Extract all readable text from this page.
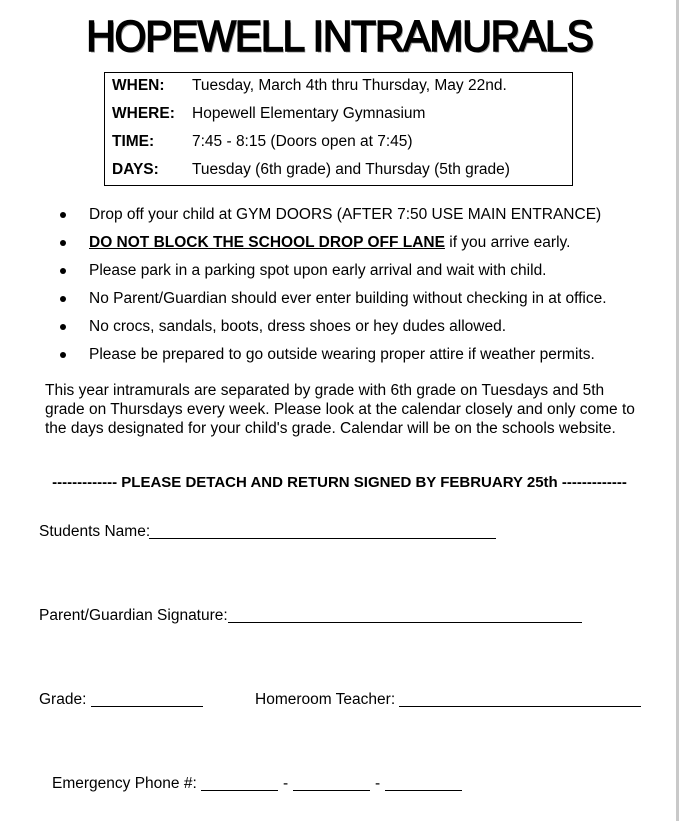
HOPEWELL INTRAMURALS
WHEN: Tuesday, March 4th thru Thursday, May 22nd.
WHERE: Hopewell Elementary Gymnasium
TIME: 7:45 - 8:15 (Doors open at 7:45)
DAYS: Tuesday (6th grade) and Thursday (5th grade)
Drop off your child at GYM DOORS (AFTER 7:50 USE MAIN ENTRANCE)
DO NOT BLOCK THE SCHOOL DROP OFF LANE if you arrive early.
Please park in a parking spot upon early arrival and wait with child.
No Parent/Guardian should ever enter building without checking in at office.
No crocs, sandals, boots, dress shoes or hey dudes allowed.
Please be prepared to go outside wearing proper attire if weather permits.
This year intramurals are separated by grade with 6th grade on Tuesdays and 5th grade on Thursdays every week. Please look at the calendar closely and only come to the days designated for your child's grade. Calendar will be on the schools website.
------------- PLEASE DETACH AND RETURN SIGNED BY FEBRUARY 25th -------------
Students Name:
Parent/Guardian Signature:
Grade:	Homeroom Teacher:
Emergency Phone #:	-	-
